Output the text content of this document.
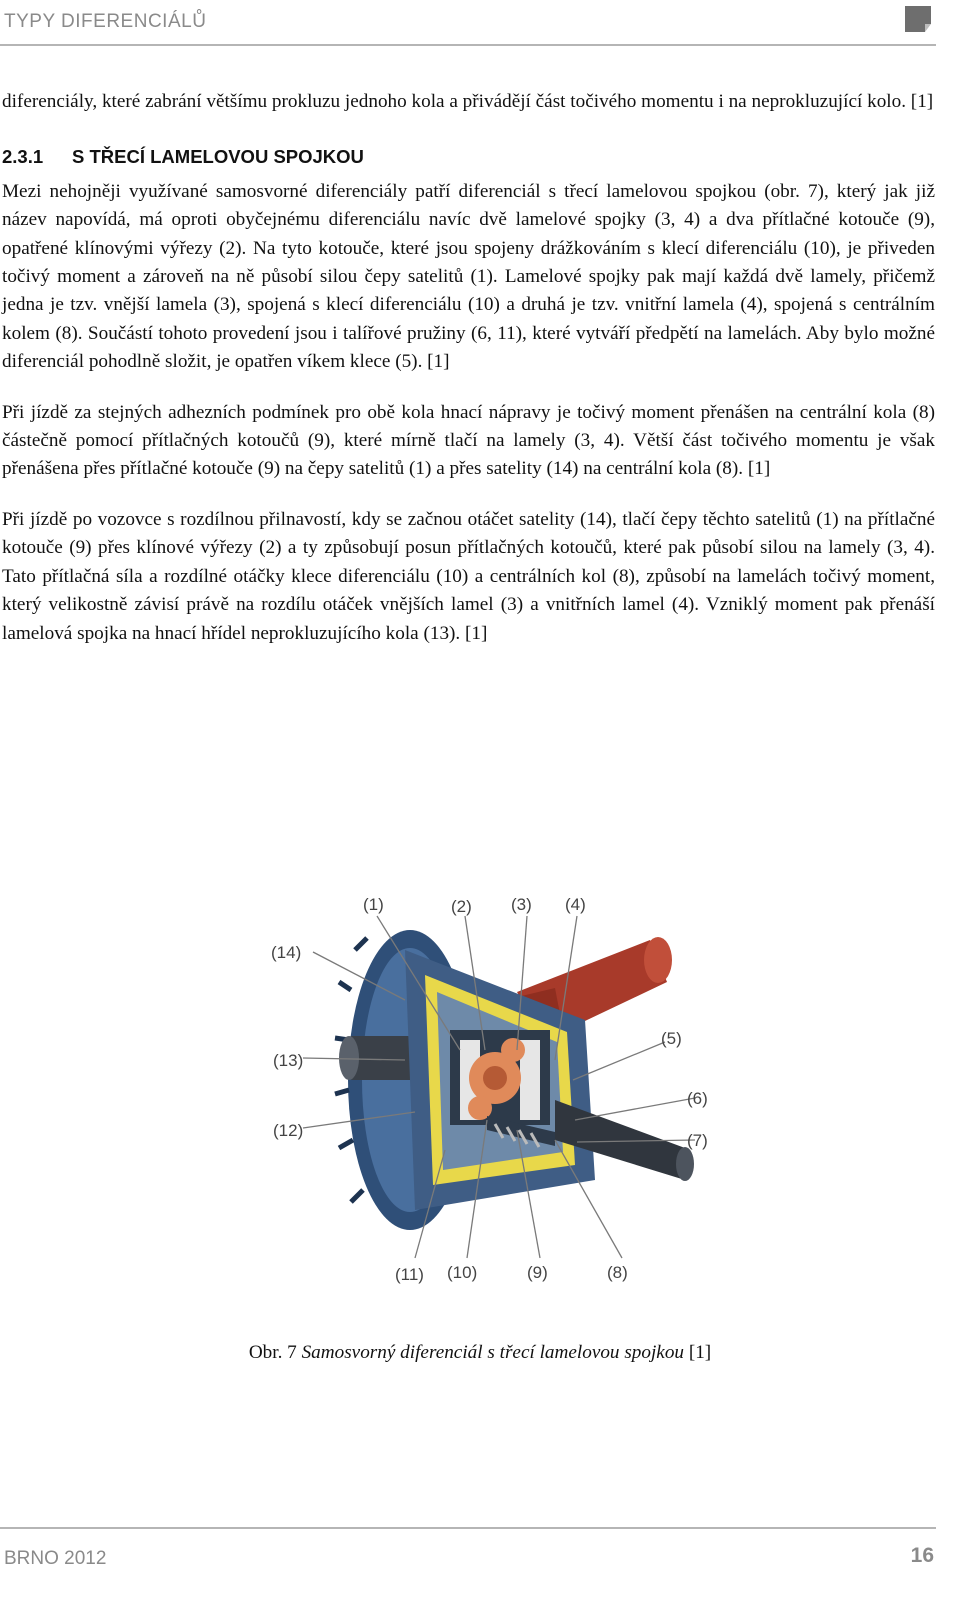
TYPY DIFERENCIÁLŮ

diferenciály, které zabrání většímu prokluzu jednoho kola a přivádějí část točivého momentu i na neprokluzující kolo. [1]

2.3.1 S TŘECÍ LAMELOVOU SPOJKOU

Mezi nehojněji využívané samosvorné diferenciály patří diferenciál s třecí lamelovou spojkou (obr. 7), který jak již název napovídá, má oproti obyčejnému diferenciálu navíc dvě lamelové spojky (3, 4) a dva přítlačné kotouče (9), opatřené klínovými výřezy (2). Na tyto kotouče, které jsou spojeny drážkováním s klecí diferenciálu (10), je přiveden točivý moment a zároveň na ně působí silou čepy satelitů (1). Lamelové spojky pak mají každá dvě lamely, přičemž jedna je tzv. vnější lamela (3), spojená s klecí diferenciálu (10) a druhá je tzv. vnitřní lamela (4), spojená s centrálním kolem (8). Součástí tohoto provedení jsou i talířové pružiny (6, 11), které vytváří předpětí na lamelách. Aby bylo možné diferenciál pohodlně složit, je opatřen víkem klece (5). [1]

Při jízdě za stejných adhezních podmínek pro obě kola hnací nápravy je točivý moment přenášen na centrální kola (8) částečně pomocí přítlačných kotoučů (9), které mírně tlačí na lamely (3, 4). Větší část točivého momentu je však přenášena přes přítlačné kotouče (9) na čepy satelitů (1) a přes satelity (14) na centrální kola (8). [1]

Při jízdě po vozovce s rozdílnou přilnavostí, kdy se začnou otáčet satelity (14), tlačí čepy těchto satelitů (1) na přítlačné kotouče (9) přes klínové výřezy (2) a ty způsobují posun přítlačných kotoučů, které pak působí silou na lamely (3, 4). Tato přítlačná síla a rozdílné otáčky klece diferenciálu (10) a centrálních kol (8), způsobí na lamelách točivý moment, který velikostně závisí právě na rozdílu otáček vnějších lamel (3) a vnitřních lamel (4). Vzniklý moment pak přenáší lamelová spojka na hnací hřídel neprokluzujícího kola (13). [1]

(1)	(2) (3) (4)
(5)
(6)
(7)
(8)
(9)
(10)
(11)
(12)
(13)
(14)
Obr. 7 Samosvorný diferenciál s třecí lamelovou spojkou [1]
BRNO 2012	16
